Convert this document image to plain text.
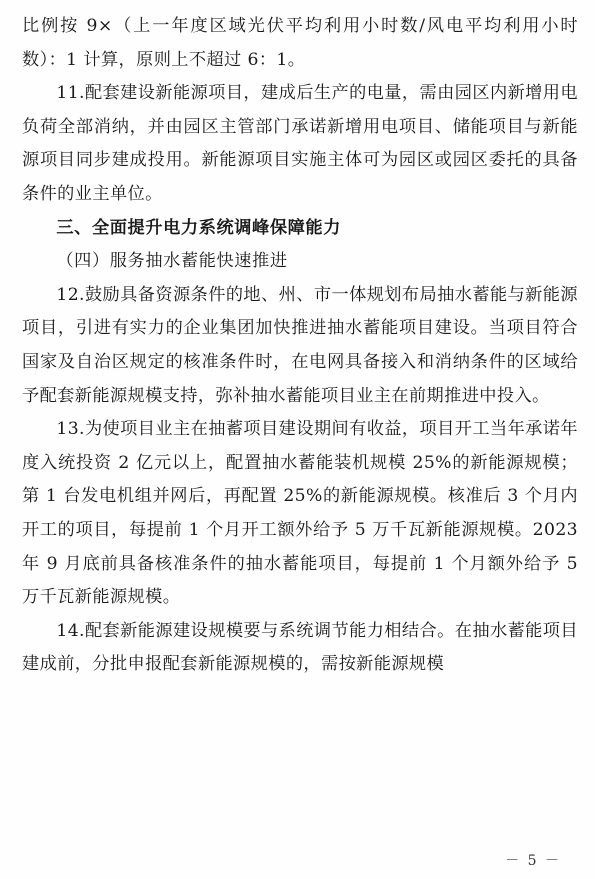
比例按 9×（上一年度区域光伏平均利用小时数/风电平均利用小时数）：1 计算，原则上不超过 6：1。

11.配套建设新能源项目，建成后生产的电量，需由园区内新增用电负荷全部消纳，并由园区主管部门承诺新增用电项目、储能项目与新能源项目同步建成投用。新能源项目实施主体可为园区或园区委托的具备条件的业主单位。

三、全面提升电力系统调峰保障能力

（四）服务抽水蓄能快速推进

12.鼓励具备资源条件的地、州、市一体规划布局抽水蓄能与新能源项目，引进有实力的企业集团加快推进抽水蓄能项目建设。当项目符合国家及自治区规定的核准条件时，在电网具备接入和消纳条件的区域给予配套新能源规模支持，弥补抽水蓄能项目业主在前期推进中投入。

13.为使项目业主在抽蓄项目建设期间有收益，项目开工当年承诺年度入统投资 2 亿元以上，配置抽水蓄能装机规模 25%的新能源规模；第 1 台发电机组并网后，再配置 25%的新能源规模。核准后 3 个月内开工的项目，每提前 1 个月开工额外给予 5 万千瓦新能源规模。2023 年 9 月底前具备核准条件的抽水蓄能项目，每提前 1 个月额外给予 5 万千瓦新能源规模。

14.配套新能源建设规模要与系统调节能力相结合。在抽水蓄能项目建成前，分批申报配套新能源规模的，需按新能源规模

－ 5 －
